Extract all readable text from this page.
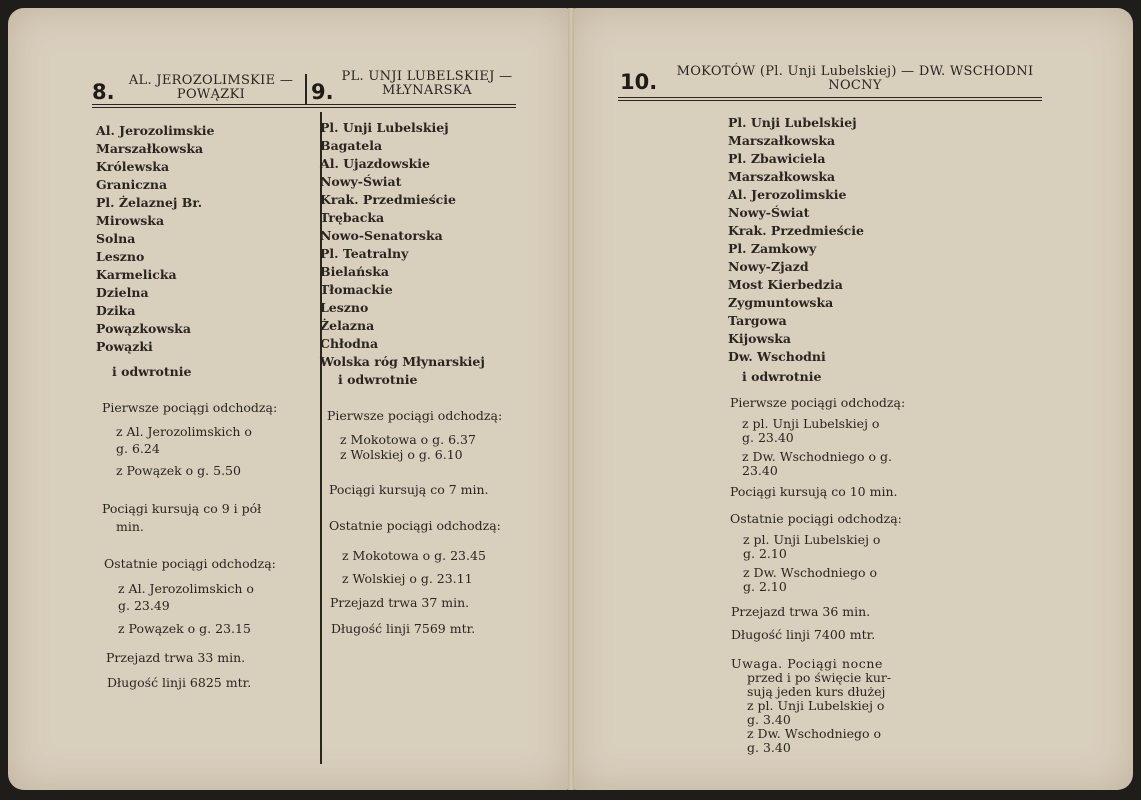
8.	AL. JEROZOLIMSKIE —
POWĄZKI	9.
PL. UNJI LUBELSKIEJ —
MŁYNARSKA
Al. Jerozolimskie
Marszałkowska
Królewska
Graniczna
Pl. Żelaznej Br.
Mirowska
Solna
Leszno
Karmelicka
Dzielna
Dzika
Powązkowska
Powązki
i odwrotnie
Pierwsze pociągi odchodzą:
z Al. Jerozolimskich o
g. 6.24
z Powązek o g. 5.50
Pociągi kursują co 9 i pół
min.
Ostatnie pociągi odchodzą:
z Al. Jerozolimskich o
g. 23.49
z Powązek o g. 23.15
Przejazd trwa 33 min.
Długość linji 6825 mtr.
Pl. Unji Lubelskiej
Bagatela
Al. Ujazdowskie
Nowy-Świat
Krak. Przedmieście
Trębacka
Nowo-Senatorska
Pl. Teatralny
Bielańska
Tłomackie
Leszno
Żelazna
Chłodna
Wolska róg Młynarskiej
i odwrotnie
Pierwsze pociągi odchodzą:
z Mokotowa o g. 6.37
z Wolskiej o g. 6.10
Pociągi kursują co 7 min.
Ostatnie pociągi odchodzą:
z Mokotowa o g. 23.45
z Wolskiej o g. 23.11
Przejazd trwa 37 min.
Długość linji 7569 mtr.
10.	MOKOTÓW (Pl. Unji Lubelskiej) — DW. WSCHODNI
NOCNY
Pl. Unji Lubelskiej
Marszałkowska
Pl. Zbawiciela
Marszałkowska
Al. Jerozolimskie
Nowy-Świat
Krak. Przedmieście
Pl. Zamkowy
Nowy-Zjazd
Most Kierbedzia
Zygmuntowska
Targowa
Kijowska
Dw. Wschodni
i odwrotnie
Pierwsze pociągi odchodzą:
z pl. Unji Lubelskiej o
g. 23.40
z Dw. Wschodniego o g.
23.40
Pociągi kursują co 10 min.
Ostatnie pociągi odchodzą:
z pl. Unji Lubelskiej o
g. 2.10
z Dw. Wschodniego o
g. 2.10
Przejazd trwa 36 min.
Długość linji 7400 mtr.
Uwaga. Pociągi nocne
przed i po święcie kur-
sują jeden kurs dłużej
z pl. Unji Lubelskiej o
g. 3.40
z Dw. Wschodniego o
g. 3.40
